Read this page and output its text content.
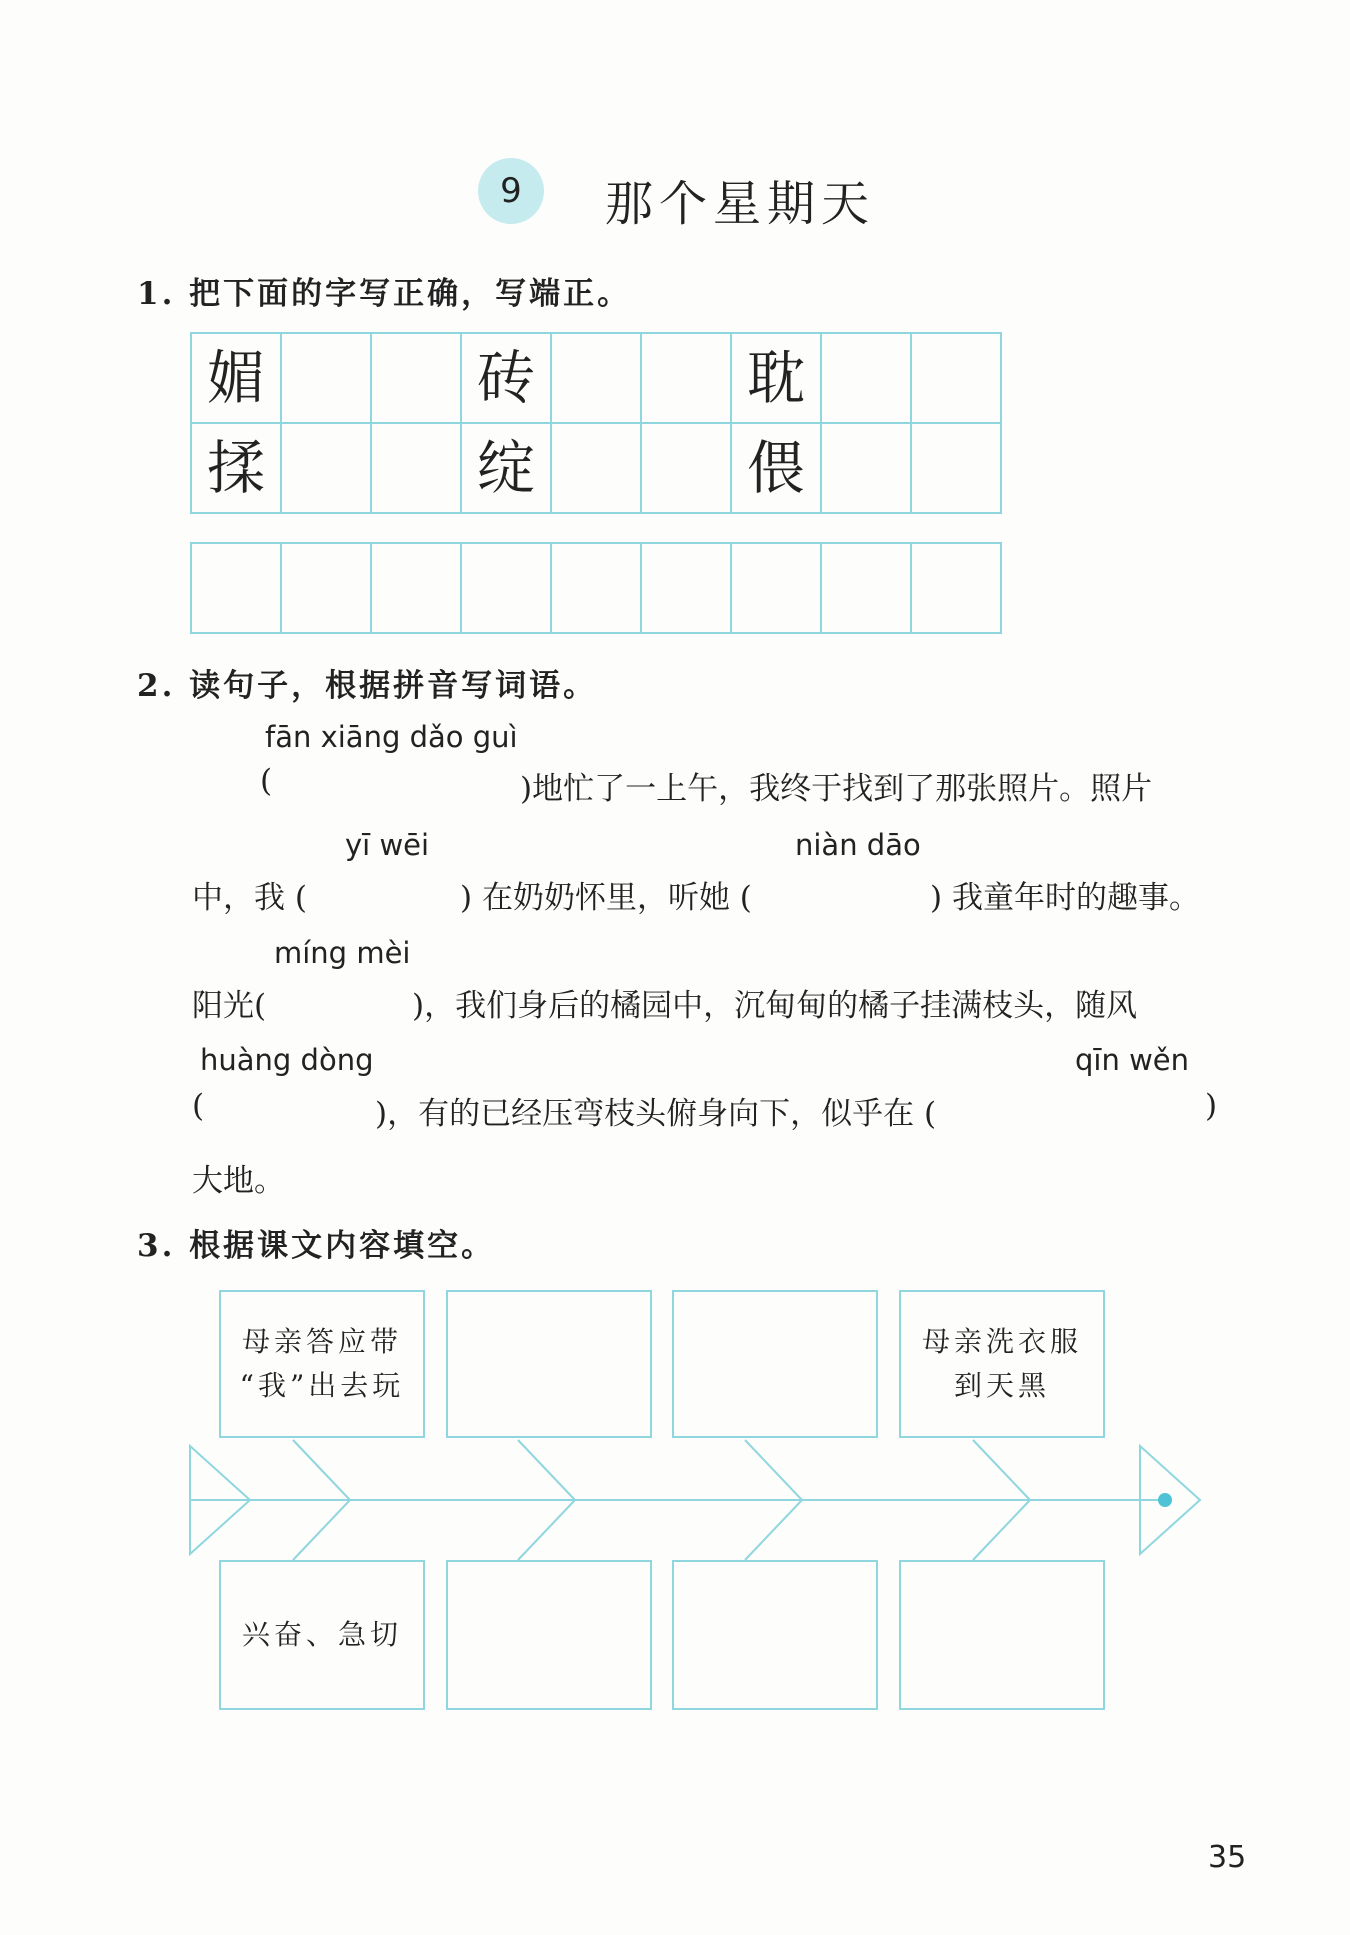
9 那个星期天
1. 把下面的字写正确，写端正。
媚			砖			耽		
揉			绽			偎		

2. 读句子，根据拼音写词语。
fān xiāng dǎo guì
(	)地忙了一上午，我终于找到了那张照片。照片
yī wēi	niàn dāo
中，我 (	) 在奶奶怀里，听她 (	) 我童年时的趣事。
míng mèi
阳光(	)，我们身后的橘园中，沉甸甸的橘子挂满枝头，随风
huàng dòng	qīn wěn
(	)，有的已经压弯枝头俯身向下，似乎在 (	)
大地。
3. 根据课文内容填空。
母亲答应带
“我”出去玩
母亲洗衣服
到天黑
兴奋、急切
35
